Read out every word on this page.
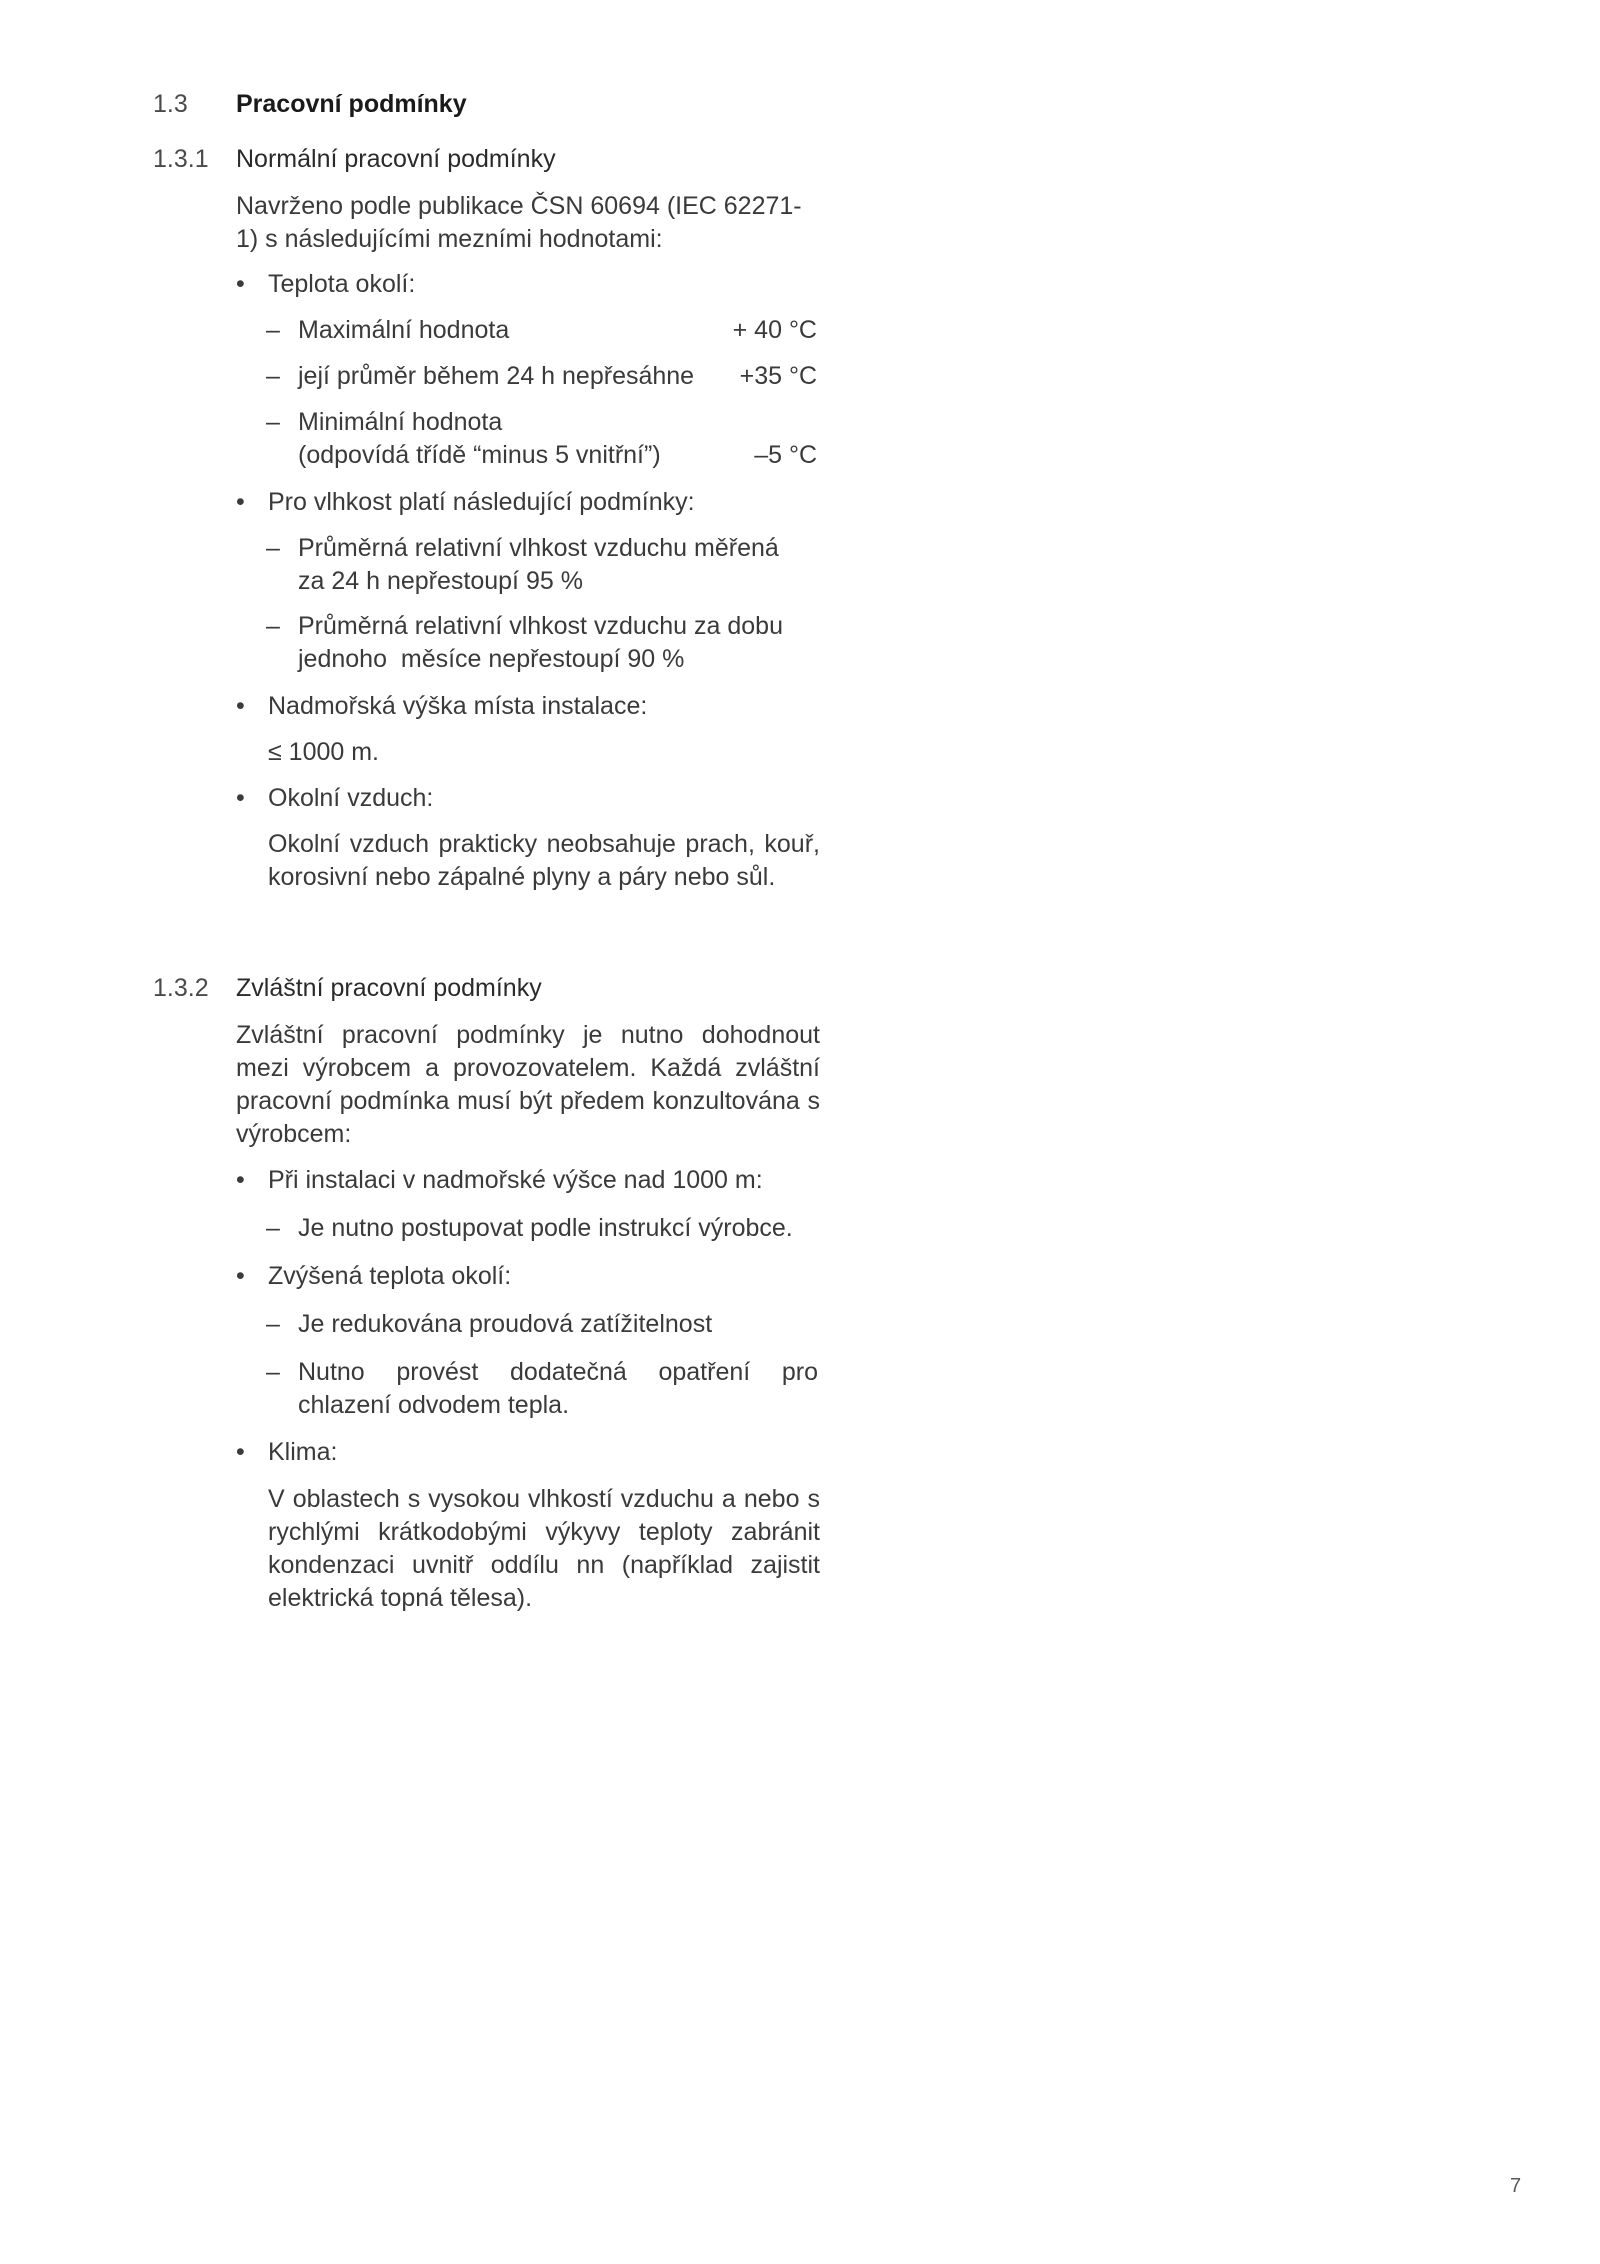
1.3 Pracovní podmínky
1.3.1 Normální pracovní podmínky
Navrženo podle publikace ČSN 60694 (IEC 62271-
1) s následujícími mezními hodnotami:
• Teplota okolí:
– Maximální hodnota	+ 40 °C
– její průměr během 24 h nepřesáhne	+35 °C
– Minimální hodnota
(odpovídá třídě “minus 5 vnitřní”)	–5 °C
• Pro vlhkost platí následující podmínky:
– Průměrná relativní vlhkost vzduchu měřená
za 24 h nepřestoupí 95 %
– Průměrná relativní vlhkost vzduchu za dobu
jednoho  měsíce nepřestoupí 90 %
• Nadmořská výška místa instalace:
≤ 1000 m.
• Okolní vzduch:
Okolní vzduch prakticky neobsahuje prach, kouř, korosivní nebo zápalné plyny a páry nebo sůl.
1.3.2 Zvláštní pracovní podmínky
Zvláštní pracovní podmínky je nutno dohodnout mezi výrobcem a provozovatelem. Každá zvláštní pracovní podmínka musí být předem konzultována s výrobcem:
• Při instalaci v nadmořské výšce nad 1000 m:
– Je nutno postupovat podle instrukcí výrobce.
• Zvýšená teplota okolí:
– Je redukována proudová zatížitelnost
– Nutno provést dodatečná opatření pro chlazení odvodem tepla.
• Klima:
V oblastech s vysokou vlhkostí vzduchu a nebo s rychlými krátkodobými výkyvy teploty zabránit kondenzaci uvnitř oddílu nn (například zajistit elektrická topná tělesa).
7
